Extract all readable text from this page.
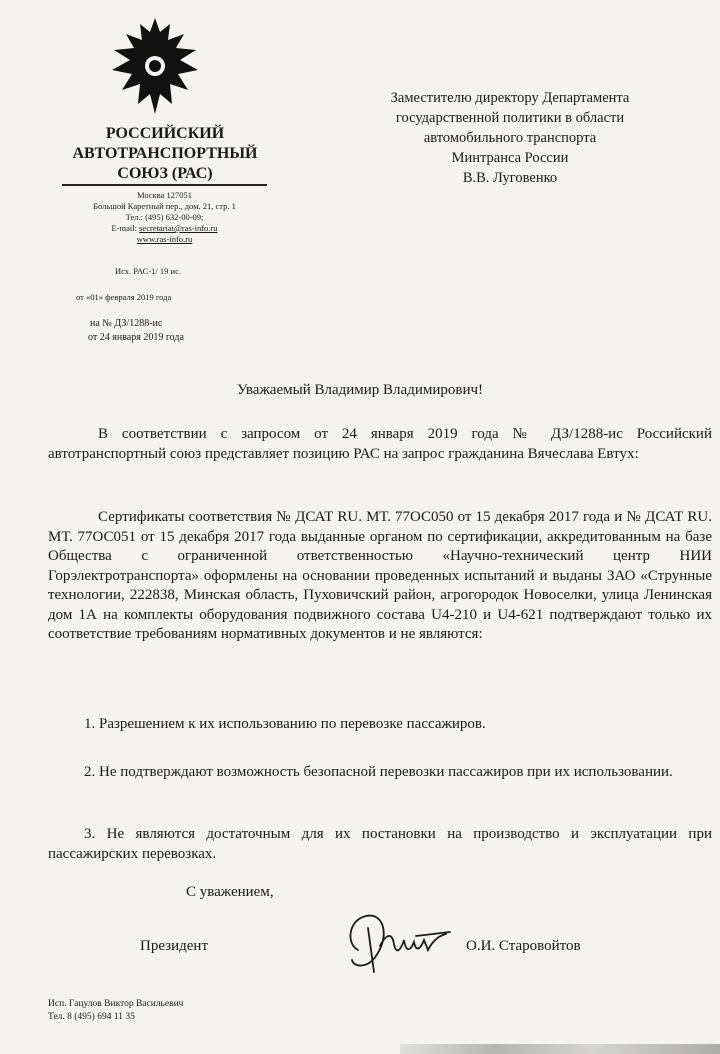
РОССИЙСКИЙ
АВТОТРАНСПОРТНЫЙ
СОЮЗ (РАС)
Москва 127051
Большой Каретный пер., дом. 21, стр. 1
Тел.: (495) 632-00-09;
E-mail: secretariat@ras-info.ru
www.ras-info.ru
Исх. РАС-1/ 19 ис.
от «01» февраля 2019 года
на № ДЗ/1288-ис
от 24 января 2019 года
Заместителю директору Департамента
государственной политики в области
автомобильного транспорта
Минтранса России
В.В. Луговенко
Уважаемый Владимир Владимирович!
В соответствии с запросом от 24 января 2019 года № ДЗ/1288-ис Российский автотранспортный союз представляет позицию РАС на запрос гражданина Вячеслава Евтух:
Сертификаты соответствия № ДСАТ RU. МТ. 77ОС050 от 15 декабря 2017 года и № ДСАТ RU. МТ. 77ОС051 от 15 декабря 2017 года выданные органом по сертификации, аккредитованным на базе Общества с ограниченной ответственностью «Научно-технический центр НИИ Горэлектротранспорта» оформлены на основании проведенных испытаний и выданы ЗАО «Струнные технологии, 222838, Минская область, Пуховичский район, агрогородок Новоселки, улица Ленинская дом 1А на комплекты оборудования подвижного состава U4-210 и U4-621 подтверждают только их соответствие требованиям нормативных документов и не являются:
1. Разрешением к их использованию по перевозке пассажиров.
2. Не подтверждают возможность безопасной перевозки пассажиров при их использовании.
3. Не являются достаточным для их постановки на производство и эксплуатации при пассажирских перевозках.
С уважением,
Президент	О.И. Старовойтов
Исп. Гацулов Виктор Васильевич
Тел. 8 (495) 694 11 35
